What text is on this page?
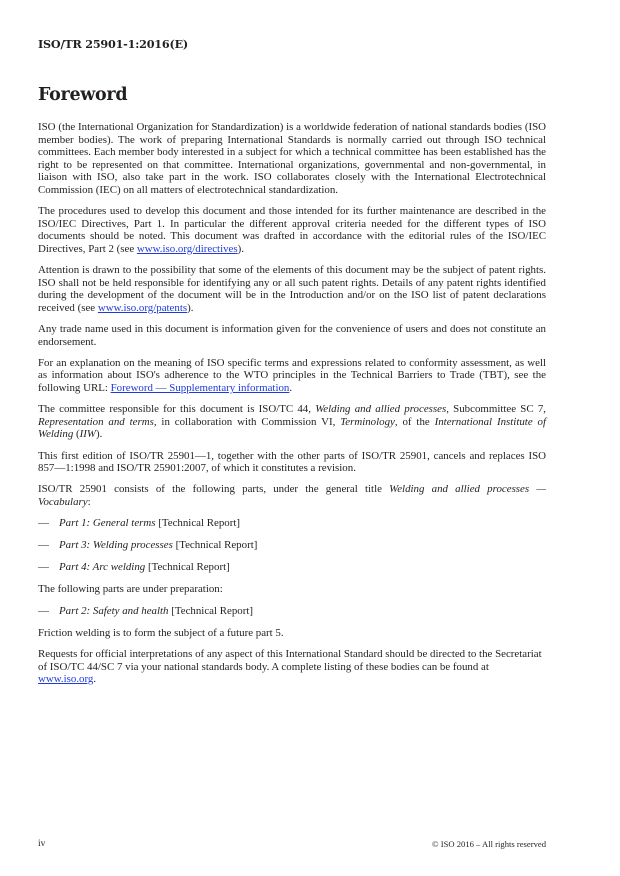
ISO/TR 25901-1:2016(E)
Foreword

ISO (the International Organization for Standardization) is a worldwide federation of national standards bodies (ISO member bodies). The work of preparing International Standards is normally carried out through ISO technical committees. Each member body interested in a subject for which a technical committee has been established has the right to be represented on that committee. International organizations, governmental and non-governmental, in liaison with ISO, also take part in the work. ISO collaborates closely with the International Electrotechnical Commission (IEC) on all matters of electrotechnical standardization.

The procedures used to develop this document and those intended for its further maintenance are described in the ISO/IEC Directives, Part 1. In particular the different approval criteria needed for the different types of ISO documents should be noted. This document was drafted in accordance with the editorial rules of the ISO/IEC Directives, Part 2 (see www.iso.org/directives).

Attention is drawn to the possibility that some of the elements of this document may be the subject of patent rights. ISO shall not be held responsible for identifying any or all such patent rights. Details of any patent rights identified during the development of the document will be in the Introduction and/or on the ISO list of patent declarations received (see www.iso.org/patents).

Any trade name used in this document is information given for the convenience of users and does not constitute an endorsement.

For an explanation on the meaning of ISO specific terms and expressions related to conformity assessment, as well as information about ISO's adherence to the WTO principles in the Technical Barriers to Trade (TBT), see the following URL: Foreword — Supplementary information.

The committee responsible for this document is ISO/TC 44, Welding and allied processes, Subcommittee SC 7, Representation and terms, in collaboration with Commission VI, Terminology, of the International Institute of Welding (IIW).

This first edition of ISO/TR 25901—1, together with the other parts of ISO/TR 25901, cancels and replaces ISO 857—1:1998 and ISO/TR 25901:2007, of which it constitutes a revision.

ISO/TR 25901 consists of the following parts, under the general title Welding and allied processes — Vocabulary:

— Part 1: General terms [Technical Report]
— Part 3: Welding processes [Technical Report]
— Part 4: Arc welding [Technical Report]

The following parts are under preparation:

— Part 2: Safety and health [Technical Report]

Friction welding is to form the subject of a future part 5.

Requests for official interpretations of any aspect of this International Standard should be directed to the Secretariat of ISO/TC 44/SC 7 via your national standards body. A complete listing of these bodies can be found at www.iso.org.

iv	© ISO 2016 – All rights reserved
